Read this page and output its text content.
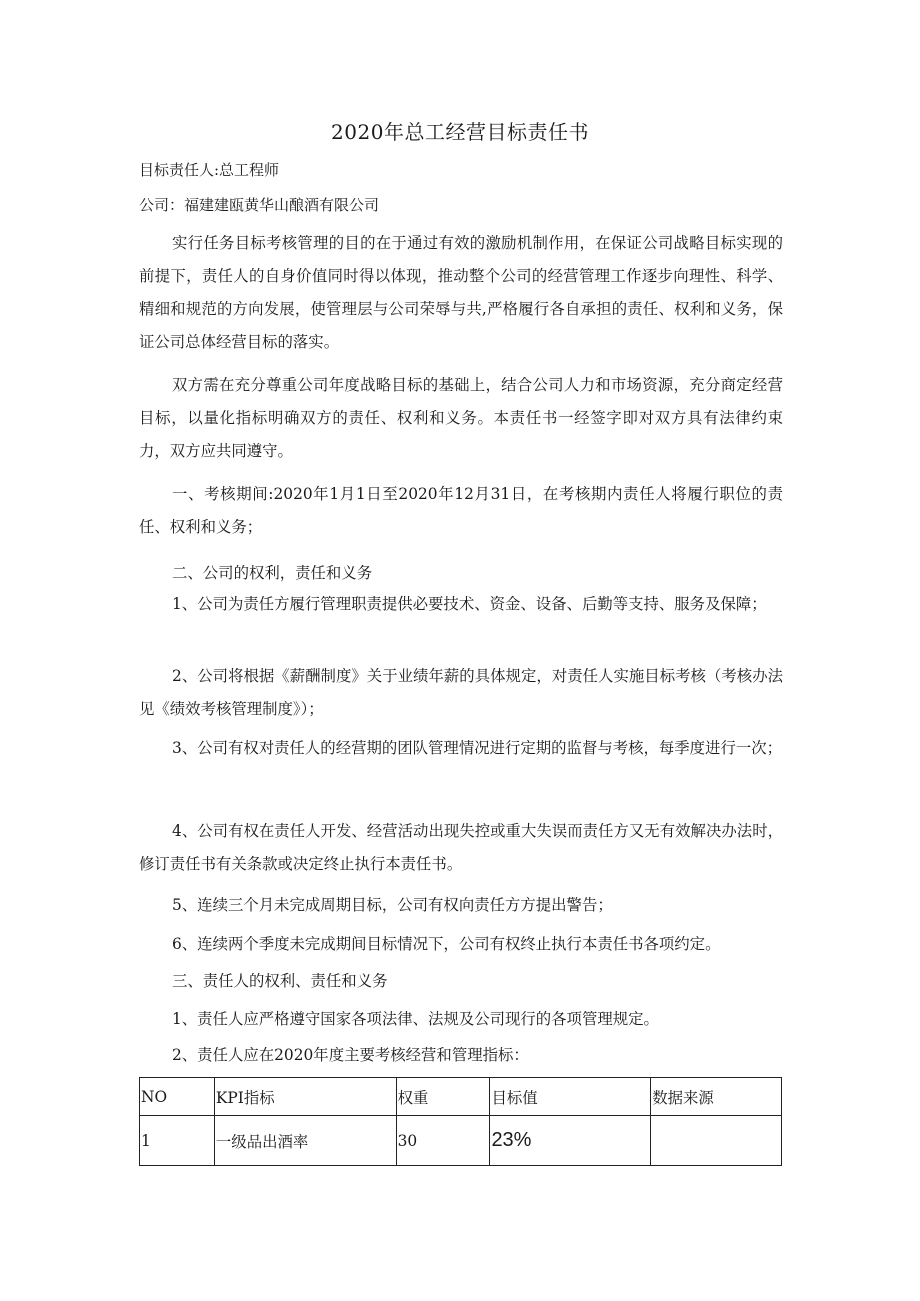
2020年总工经营目标责任书
目标责任人:总工程师
公司：福建建瓯黄华山酿酒有限公司

实行任务目标考核管理的目的在于通过有效的激励机制作用，在保证公司战略目标实现的前提下，责任人的自身价值同时得以体现，推动整个公司的经营管理工作逐步向理性、科学、精细和规范的方向发展，使管理层与公司荣辱与共,严格履行各自承担的责任、权利和义务，保证公司总体经营目标的落实。

双方需在充分尊重公司年度战略目标的基础上，结合公司人力和市场资源，充分商定经营目标，以量化指标明确双方的责任、权利和义务。本责任书一经签字即对双方具有法律约束力，双方应共同遵守。

一、考核期间:2020年1月1日至2020年12月31日，在考核期内责任人将履行职位的责任、权利和义务；

二、公司的权利，责任和义务

1、公司为责任方履行管理职责提供必要技术、资金、设备、后勤等支持、服务及保障；

2、公司将根据《薪酬制度》关于业绩年薪的具体规定，对责任人实施目标考核（考核办法见《绩效考核管理制度》）；

3、公司有权对责任人的经营期的团队管理情况进行定期的监督与考核，每季度进行一次；

4、公司有权在责任人开发、经营活动出现失控或重大失误而责任方又无有效解决办法时，修订责任书有关条款或决定终止执行本责任书。

5、连续三个月未完成周期目标，公司有权向责任方方提出警告；
6、连续两个季度未完成期间目标情况下，公司有权终止执行本责任书各项约定。
三、责任人的权利、责任和义务
1、责任人应严格遵守国家各项法律、法规及公司现行的各项管理规定。
2、责任人应在2020年度主要考核经营和管理指标：
NO	KPI指标	权重	目标值	数据来源
1	一级品出酒率	30	23%	
